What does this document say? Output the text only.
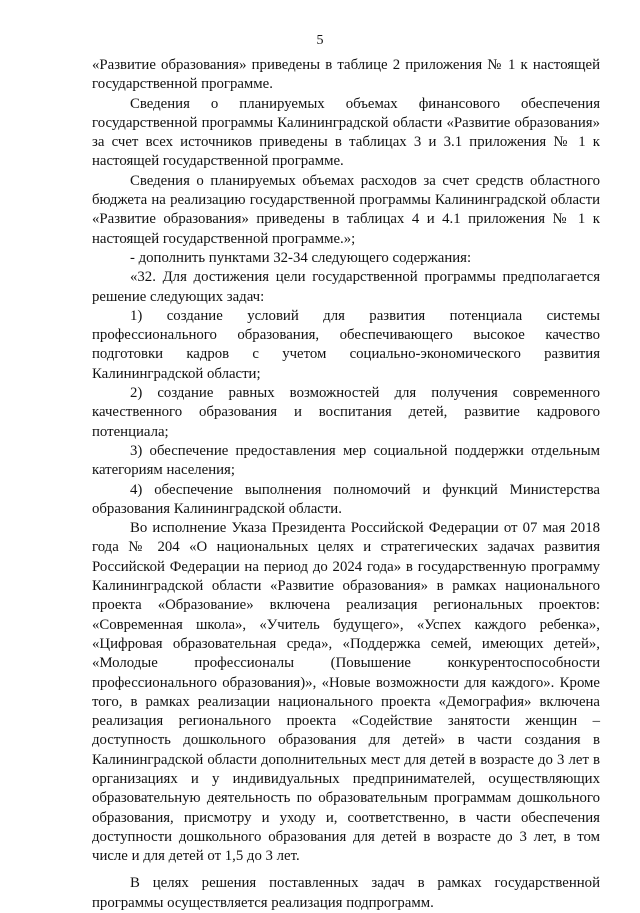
5

«Развитие образования» приведены в таблице 2 приложения № 1 к настоящей государственной программе.

Сведения о планируемых объемах финансового обеспечения государственной программы Калининградской области «Развитие образования» за счет всех источников приведены в таблицах 3 и 3.1 приложения № 1 к настоящей государственной программе.

Сведения о планируемых объемах расходов за счет средств областного бюджета на реализацию государственной программы Калининградской области «Развитие образования» приведены в таблицах 4 и 4.1 приложения № 1 к настоящей государственной программе.»;

- дополнить пунктами 32-34 следующего содержания:

«32. Для достижения цели государственной программы предполагается решение следующих задач:

1) создание условий для развития потенциала системы профессионального образования, обеспечивающего высокое качество подготовки кадров с учетом социально-экономического развития Калининградской области;

2) создание равных возможностей для получения современного качественного образования и воспитания детей, развитие кадрового потенциала;

3) обеспечение предоставления мер социальной поддержки отдельным категориям населения;

4) обеспечение выполнения полномочий и функций Министерства образования Калининградской области.

Во исполнение Указа Президента Российской Федерации от 07 мая 2018 года № 204 «О национальных целях и стратегических задачах развития Российской Федерации на период до 2024 года» в государственную программу Калининградской области «Развитие образования» в рамках национального проекта «Образование» включена реализация региональных проектов: «Современная школа», «Учитель будущего», «Успех каждого ребенка», «Цифровая образовательная среда», «Поддержка семей, имеющих детей», «Молодые профессионалы (Повышение конкурентоспособности профессионального образования)», «Новые возможности для каждого». Кроме того, в рамках реализации национального проекта «Демография» включена реализация регионального проекта «Содействие занятости женщин – доступность дошкольного образования для детей» в части создания в Калининградской области дополнительных мест для детей в возрасте до 3 лет в организациях и у индивидуальных предпринимателей, осуществляющих образовательную деятельность по образовательным программам дошкольного образования, присмотру и уходу и, соответственно, в части обеспечения доступности дошкольного образования для детей в возрасте до 3 лет, в том числе и для детей от 1,5 до 3 лет.

В целях решения поставленных задач в рамках государственной программы осуществляется реализация подпрограмм.
